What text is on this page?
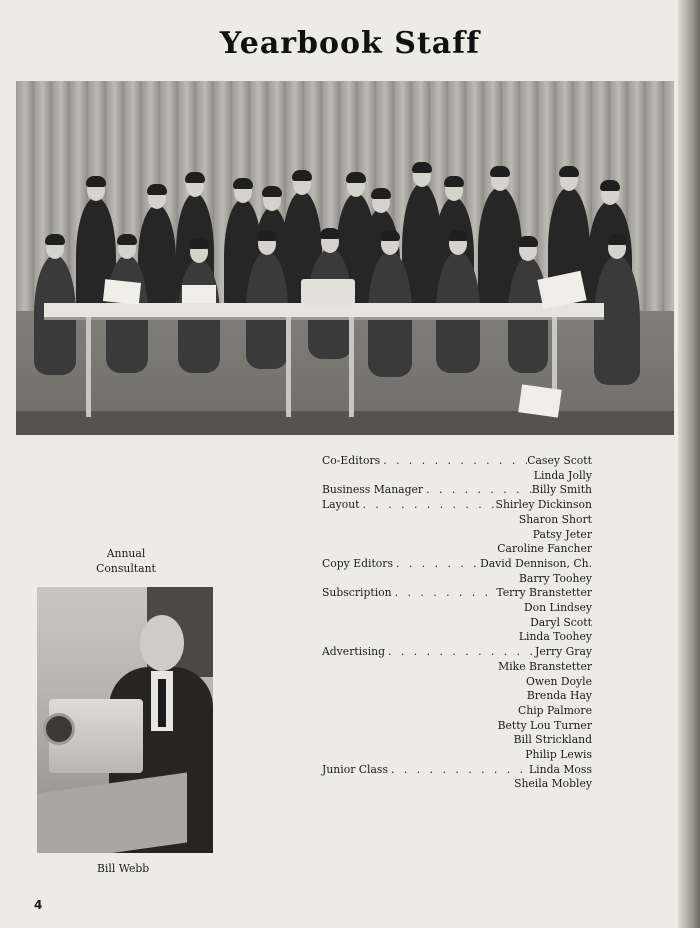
Yearbook Staff
Co-Editors . . .	Casey Scott
Linda Jolly
Business Manager . . .	Billy Smith
Layout . . .	Shirley Dickinson
Sharon Short
Patsy Jeter
Caroline Fancher
Copy Editors . . .	David Dennison, Ch.
Barry Toohey
Subscription . . .	Terry Branstetter
Don Lindsey
Daryl Scott
Linda Toohey
Advertising . . .	Jerry Gray
Mike Branstetter
Owen Doyle
Brenda Hay
Chip Palmore
Betty Lou Turner
Bill Strickland
Philip Lewis
Junior Class . . .	Linda Moss
Sheila Mobley
Annual
Consultant
Bill Webb
4
